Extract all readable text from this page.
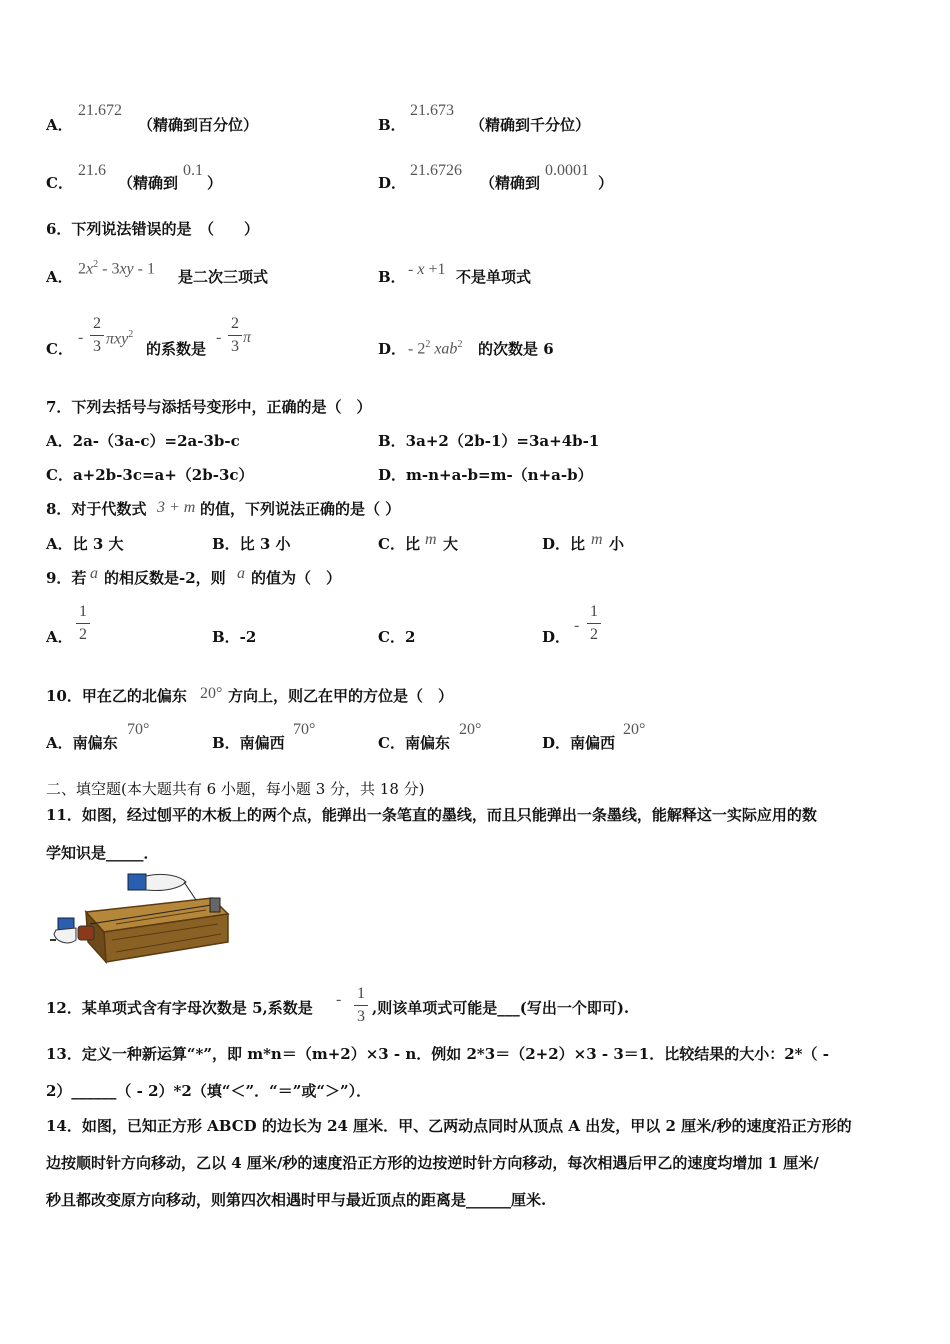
A．
21.672
（精确到百分位）	B．
21.673
（精确到千分位）
C．
21.6
（精确到
0.1
）	D．
21.6726
（精确到
0.0001
）
6．下列说法错误的是　（　　）
A． $2x^2 - 3xy - 1$ 是二次三项式	B． - x +1 不是单项式
C．
-
2
3 πxy$^2$
的系数是
-
2
3
π
D． - $2^2$ xab$^2$ 的次数是 6
7．下列去括号与添括号变形中，正确的是（　）
A．2a-（3a-c）=2a-3b-c	B．3a+2（2b-1）=3a+4b-1
C．a+2b-3c=a+（2b-3c）	D．m-n+a-b=m-（n+a-b）
8．对于代数式 3 + m 的值，下列说法正确的是（ ）
A．比 3 大	B．比 3 小	C．比 m 大	D．比 m 小
9．若 a 的相反数是-2，则 a 的值为（　）
A．
1
2	B．-2	C．2	D．
-
1
2
10．甲在乙的北偏东 20° 方向上，则乙在甲的方位是（　）
A．南偏东
70°
B．南偏西
70°
C．南偏东
20°
D．南偏西
20°
二、填空题(本大题共有 6 小题，每小题 3 分，共 18 分)
11．如图，经过刨平的木板上的两个点，能弹出一条笔直的墨线，而且只能弹出一条墨线，能解释这一实际应用的数
学知识是_____．
12．某单项式含有字母次数是 5,系数是 - 1
3 ,则该单项式可能是___(写出一个即可).
13．定义一种新运算“*”，即 m*n＝（m+2）×3 - n．例如 2*3＝（2+2）×3 - 3＝1．比较结果的大小：2*（ -
2）______（ - 2）*2（填“＜”．“＝”或“＞”）．
14．如图，已知正方形 ABCD 的边长为 24 厘米．甲、乙两动点同时从顶点 A 出发，甲以 2 厘米/秒的速度沿正方形的
边按顺时针方向移动，乙以 4 厘米/秒的速度沿正方形的边按逆时针方向移动，每次相遇后甲乙的速度均增加 1 厘米/
秒且都改变原方向移动，则第四次相遇时甲与最近顶点的距离是______厘米.
